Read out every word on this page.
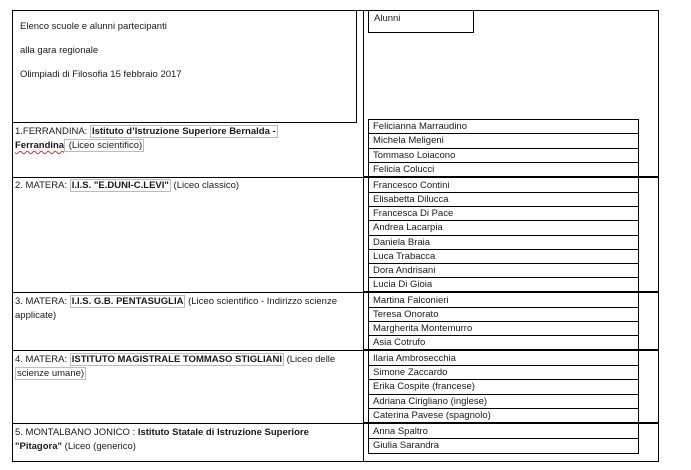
Elenco scuole e alunni partecipanti
alla gara regionale
Olimpiadi di Filosofia 15 febbraio 2017
Alunni
1.FERRANDINA: Istituto d’Istruzione Superiore Bernalda -
Ferrandina (Liceo scientifico)
2. MATERA: I.I.S. "E.DUNI-C.LEVI" (Liceo classico)
3. MATERA: I.I.S. G.B. PENTASUGLIA (Liceo scientifico - Indirizzo scienze
applicate)
4. MATERA: ISTITUTO MAGISTRALE TOMMASO STIGLIANI (Liceo delle
scienze umane)
5. MONTALBANO JONICO : Istituto Statale di Istruzione Superiore
"Pitagora" (Liceo (generico)
Felicianna Marraudino
Michela Meligeni
Tommaso Loiacono
Felicia Colucci
Francesco Contini
Elisabetta Dilucca
Francesca Di Pace
Andrea Lacarpia
Daniela Braia
Luca Trabacca
Dora Andrisani
Lucia Di Gioia
Martina Falconieri
Teresa Onorato
Margherita Montemurro
Asia Cotrufo
Ilaria Ambrosecchia
Simone Zaccardo
Erika Cospite (francese)
Adriana Cirigliano (inglese)
Caterina Pavese (spagnolo)
Anna Spaltro
Giulia Sarandra
